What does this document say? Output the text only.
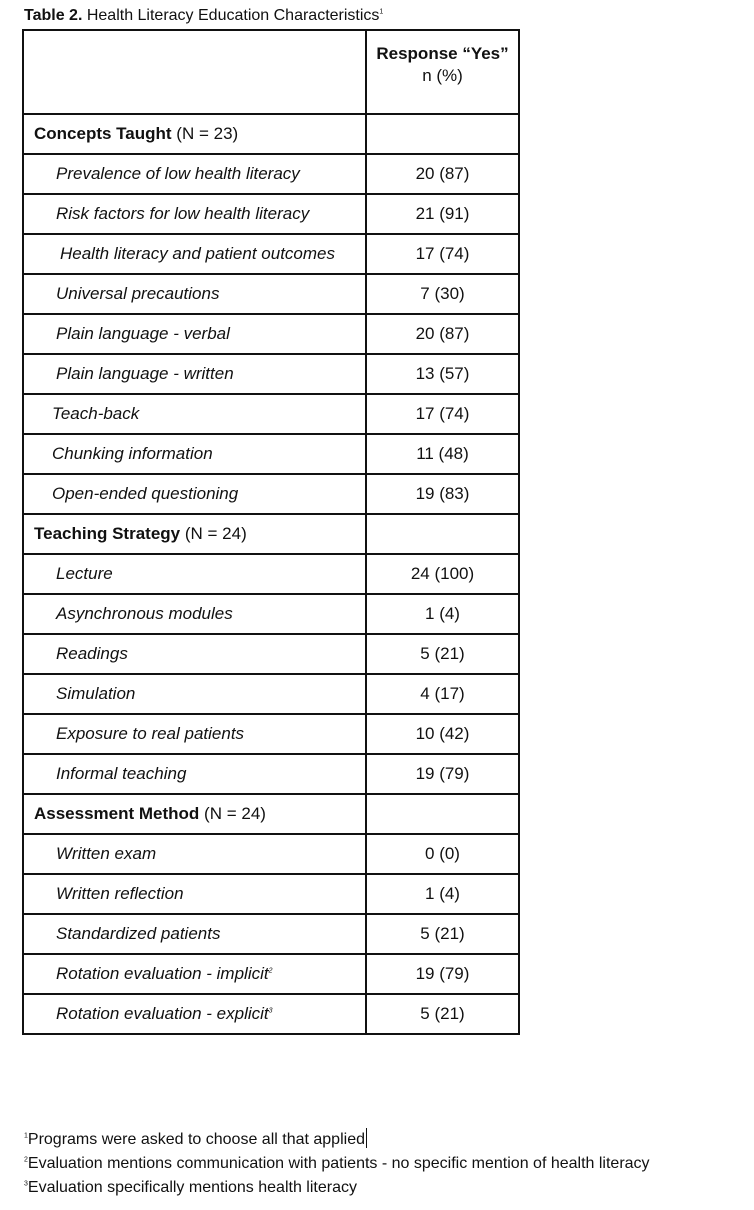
Table 2. Health Literacy Education Characteristics$^1$

	Response “Yes”
n (%)

Concepts Taught (N = 23)	
Prevalence of low health literacy	20 (87)
Risk factors for low health literacy	21 (91)
Health literacy and patient outcomes	17 (74)
Universal precautions	7 (30)
Plain language - verbal	20 (87)
Plain language - written	13 (57)
Teach-back	17 (74)
Chunking information	11 (48)
Open-ended questioning	19 (83)
Teaching Strategy (N = 24)	
Lecture	24 (100)
Asynchronous modules	1 (4)
Readings	5 (21)
Simulation	4 (17)
Exposure to real patients	10 (42)
Informal teaching	19 (79)
Assessment Method (N = 24)	
Written exam	0 (0)
Written reflection	1 (4)
Standardized patients	5 (21)
Rotation evaluation - implicit$^2$	19 (79)
Rotation evaluation - explicit$^3$	5 (21)
$^1$Programs were asked to choose all that applied
$^2$Evaluation mentions communication with patients - no specific mention of health literacy
$^3$Evaluation specifically mentions health literacy
